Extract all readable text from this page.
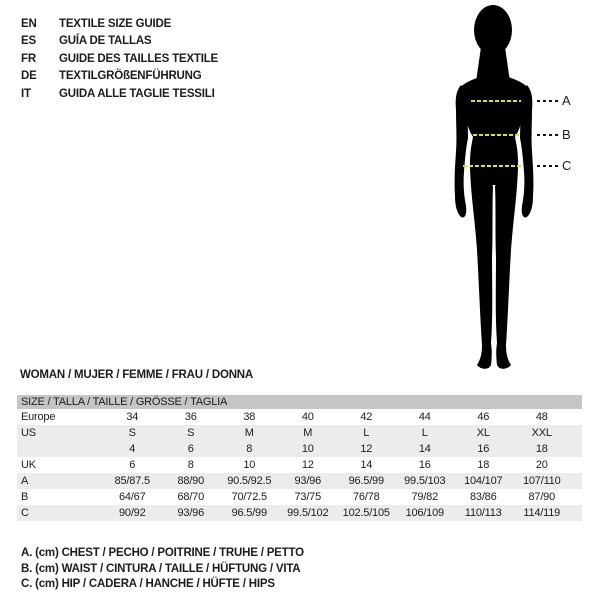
EN	TEXTILE SIZE GUIDE
ES	GUÍA DE TALLAS
FR	GUIDE DES TAILLES TEXTILE
DE	TEXTILGRÖßENFÜHRUNG
IT	GUIDA ALLE TAGLIE TESSILI	A
B
C
WOMAN / MUJER / FEMME / FRAU / DONNA
SIZE / TALLA / TAILLE / GRÖSSE / TAGLIA
Europe	34	36	38	40	42	44	46	48
US	S	S	M	M	L	L	XL	XXL
4	6	8	10	12	14	16	18
UK	6	8	10	12	14	16	18	20
A	85/87.5	88/90	90.5/92.5	93/96	96.5/99	99.5/103	104/107	107/110
B	64/67	68/70	70/72.5	73/75	76/78	79/82	83/86	87/90
C	90/92	93/96	96.5/99	99.5/102	102.5/105	106/109	110/113	114/119
A. (cm) CHEST / PECHO / POITRINE / TRUHE / PETTO
B. (cm) WAIST / CINTURA / TAILLE / HÜFTUNG / VITA
C. (cm) HIP / CADERA / HANCHE / HÜFTE / HIPS
